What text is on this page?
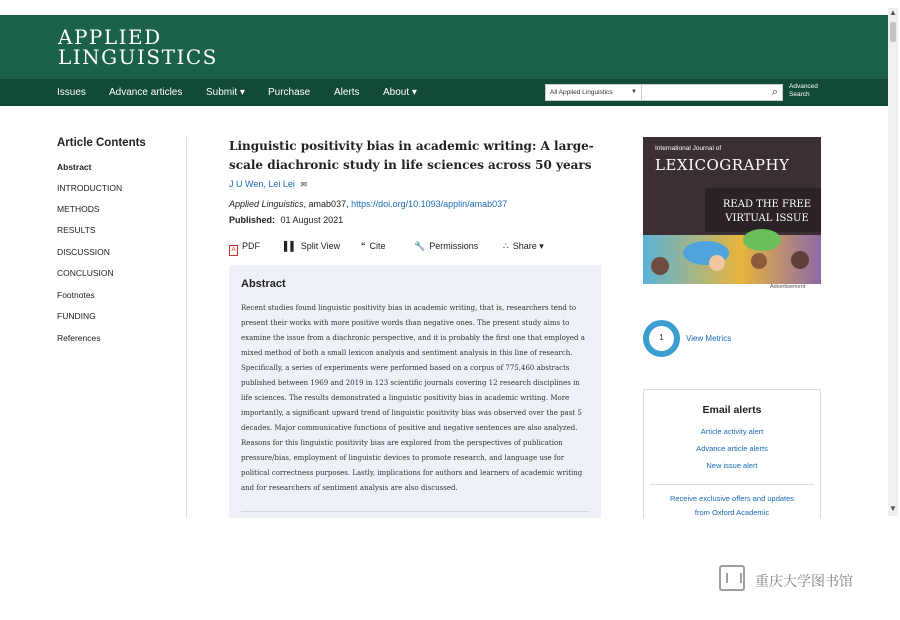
APPLIED
LINGUISTICS
Issues Advance articles Submit ▾ Purchase Alerts About ▾	All Applied Linguistics	▼	⌕ Advanced Search
Article Contents
Abstract
INTRODUCTION
METHODS
RESULTS
DISCUSSION
CONCLUSION
Footnotes
FUNDING
References
Linguistic positivity bias in academic writing: A large-scale diachronic study in life sciences across 50 years
J U Wen, Lei Lei ✉
Applied Linguistics, amab037, https://doi.org/10.1093/applin/amab037
Published: 01 August 2021
A PDF	▌▌ Split View “ Cite	🔧 Permissions	∴ Share ▾
Abstract
Recent studies found linguistic positivity bias in academic writing, that is, researchers tend to present their works with more positive words than negative ones. The present study aims to examine the issue from a diachronic perspective, and it is probably the first one that employed a mixed method of both a small lexicon analysis and sentiment analysis in this line of research. Specifically, a series of experiments were performed based on a corpus of 775,460 abstracts published between 1969 and 2019 in 123 scientific journals covering 12 research disciplines in life sciences. The results demonstrated a linguistic positivity bias in academic writing. More importantly, a significant upward trend of linguistic positivity bias was observed over the past 5 decades. Major communicative functions of positive and negative sentences are also analyzed. Reasons for this linguistic positivity bias are explored from the perspectives of publication pressure/bias, employment of linguistic devices to promote research, and language use for political correctness purposes. Lastly, implications for authors and learners of academic writing and for researchers of sentiment analysis are also discussed.
International Journal of
LEXICOGRAPHY
READ THE FREE VIRTUAL ISSUE
Advertisement
1	View Metrics
Email alerts
Article activity alert
Advance article alerts
New issue alert
Receive exclusive offers and updates
from Oxford Academic
▲
▼
重庆大学图书馆
